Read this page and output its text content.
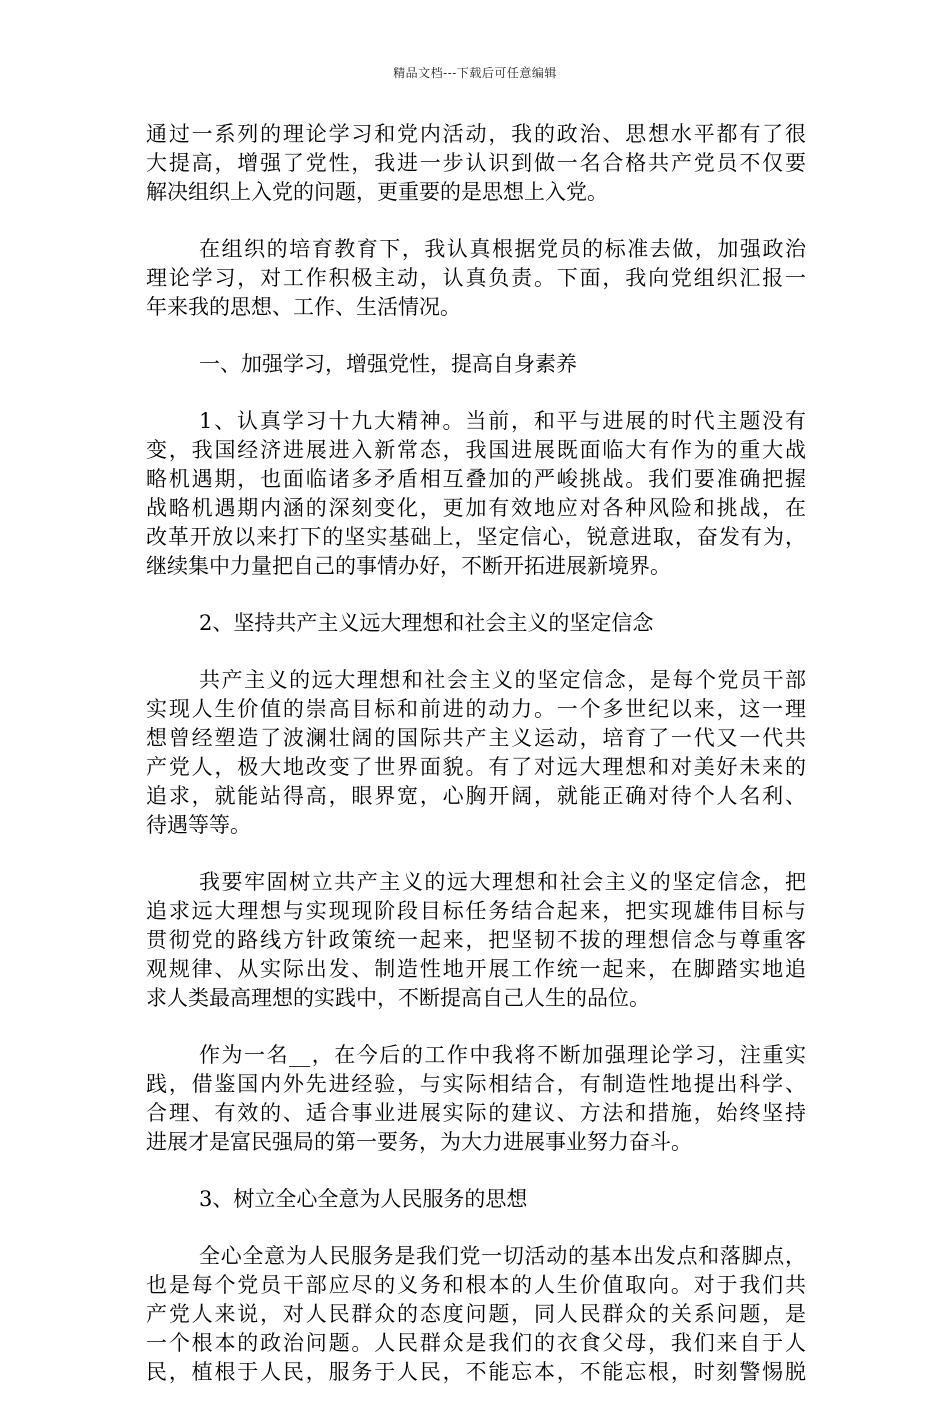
精品文档---下载后可任意编辑

通过一系列的理论学习和党内活动，我的政治、思想水平都有了很
大提高，增强了党性，我进一步认识到做一名合格共产党员不仅要
解决组织上入党的问题，更重要的是思想上入党。

在组织的培育教育下，我认真根据党员的标准去做，加强政治
理论学习，对工作积极主动，认真负责。下面，我向党组织汇报一
年来我的思想、工作、生活情况。

一、加强学习，增强党性，提高自身素养

1、认真学习十九大精神。当前，和平与进展的时代主题没有
变，我国经济进展进入新常态，我国进展既面临大有作为的重大战
略机遇期，也面临诸多矛盾相互叠加的严峻挑战。我们要准确把握
战略机遇期内涵的深刻变化，更加有效地应对各种风险和挑战，在
改革开放以来打下的坚实基础上，坚定信心，锐意进取，奋发有为，
继续集中力量把自己的事情办好，不断开拓进展新境界。

2、坚持共产主义远大理想和社会主义的坚定信念

共产主义的远大理想和社会主义的坚定信念，是每个党员干部
实现人生价值的崇高目标和前进的动力。一个多世纪以来，这一理
想曾经塑造了波澜壮阔的国际共产主义运动，培育了一代又一代共
产党人，极大地改变了世界面貌。有了对远大理想和对美好未来的
追求，就能站得高，眼界宽，心胸开阔，就能正确对待个人名利、
待遇等等。

我要牢固树立共产主义的远大理想和社会主义的坚定信念，把
追求远大理想与实现现阶段目标任务结合起来，把实现雄伟目标与
贯彻党的路线方针政策统一起来，把坚韧不拔的理想信念与尊重客
观规律、从实际出发、制造性地开展工作统一起来，在脚踏实地追
求人类最高理想的实践中，不断提高自己人生的品位。

作为一名__，在今后的工作中我将不断加强理论学习，注重实
践，借鉴国内外先进经验，与实际相结合，有制造性地提出科学、
合理、有效的、适合事业进展实际的建议、方法和措施，始终坚持
进展才是富民强局的第一要务，为大力进展事业努力奋斗。

3、树立全心全意为人民服务的思想

全心全意为人民服务是我们党一切活动的基本出发点和落脚点，
也是每个党员干部应尽的义务和根本的人生价值取向。对于我们共
产党人来说，对人民群众的态度问题，同人民群众的关系问题，是
一个根本的政治问题。人民群众是我们的衣食父母，我们来自于人
民，植根于人民，服务于人民，不能忘本，不能忘根，时刻警惕脱
